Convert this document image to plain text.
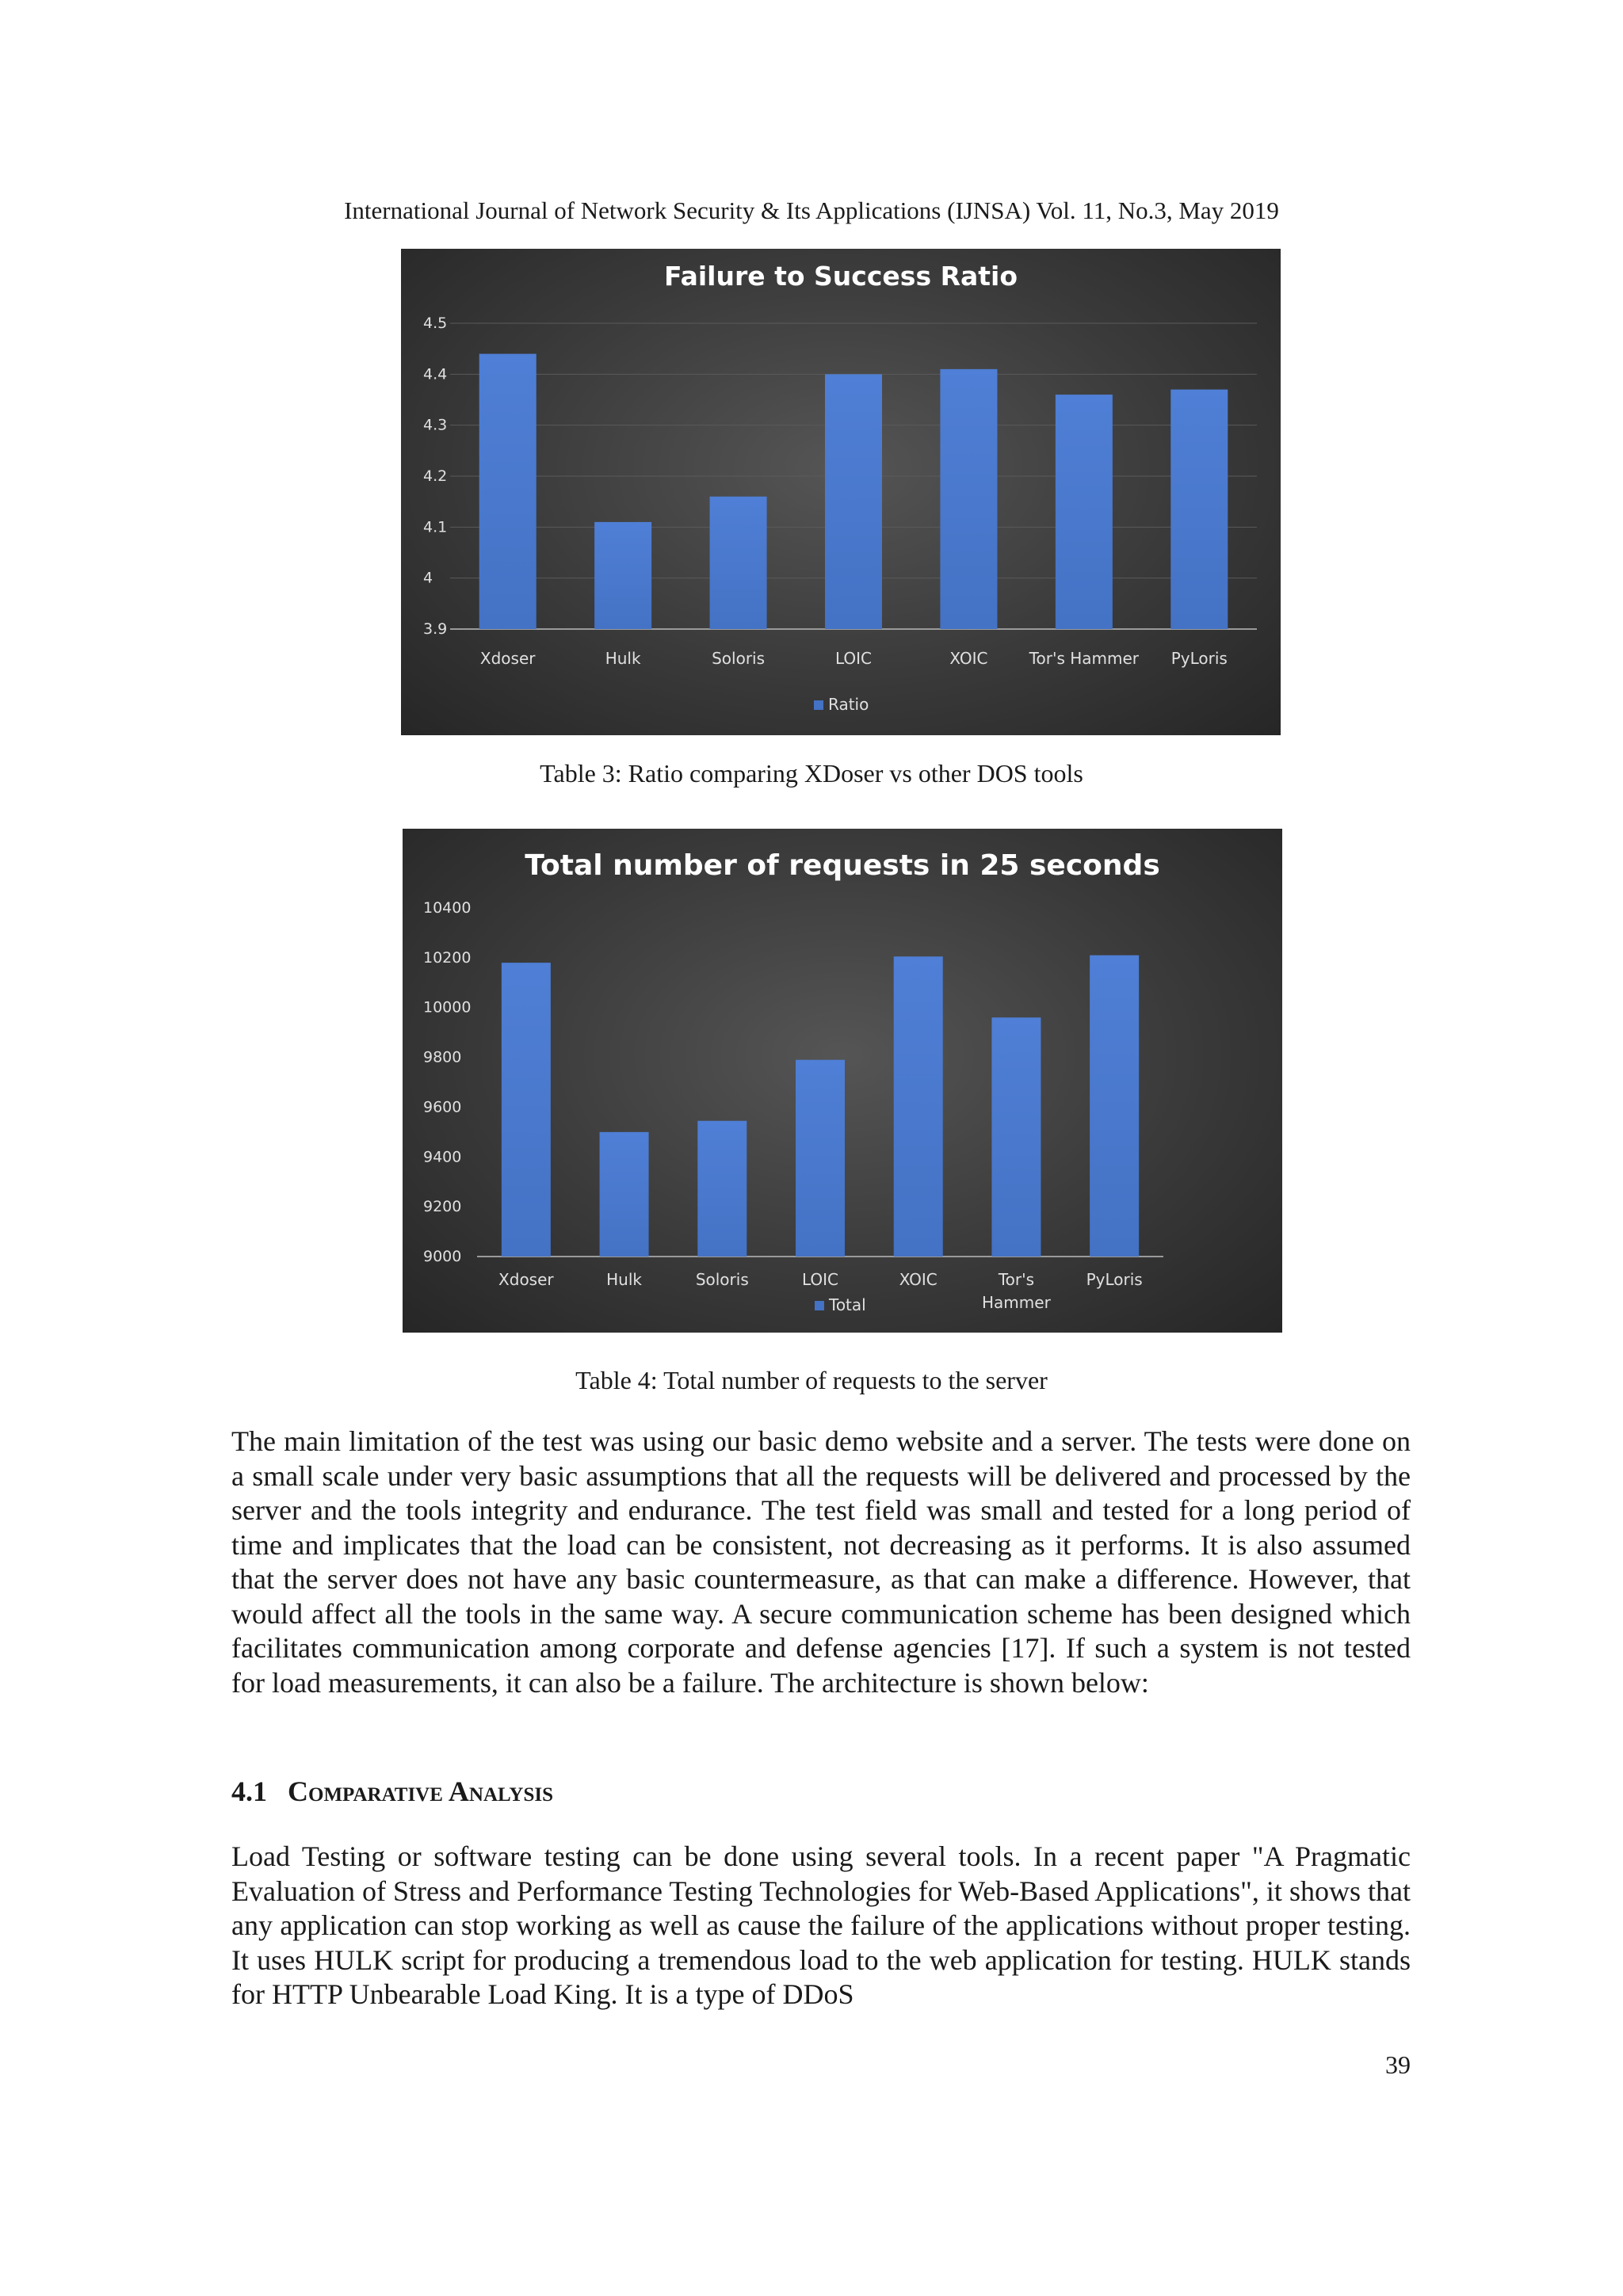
International Journal of Network Security & Its Applications (IJNSA) Vol. 11, No.3, May 2019
Failure to Success Ratio
4.5
4.4
4.3
4.2
4.1
4
3.9
Xdoser	Hulk	Soloris	LOIC	XOIC	Tor's Hammer PyLoris
Ratio
Table 3: Ratio comparing XDoser vs other DOS tools
Total number of requests in 25 seconds
10400
10200
10000
9800
9600
9400
9200
9000
Xdoser	Hulk	Soloris	LOIC	XOIC	Tor's Hammer
PyLoris
Total
Table 4: Total number of requests to the server

The main limitation of the test was using our basic demo website and a server. The tests were done on a small scale under very basic assumptions that all the requests will be delivered and processed by the server and the tools integrity and endurance. The test field was small and tested for a long period of time and implicates that the load can be consistent, not decreasing as it performs. It is also assumed that the server does not have any basic countermeasure, as that can make a difference. However, that would affect all the tools in the same way. A secure communication scheme has been designed which facilitates communication among corporate and defense agencies [17]. If such a system is not tested for load measurements, it can also be a failure. The architecture is shown below:

4.1 Comparative Analysis

Load Testing or software testing can be done using several tools. In a recent paper "A Pragmatic Evaluation of Stress and Performance Testing Technologies for Web-Based Applications", it shows that any application can stop working as well as cause the failure of the applications without proper testing. It uses HULK script for producing a tremendous load to the web application for testing. HULK stands for HTTP Unbearable Load King. It is a type of DDoS

39
